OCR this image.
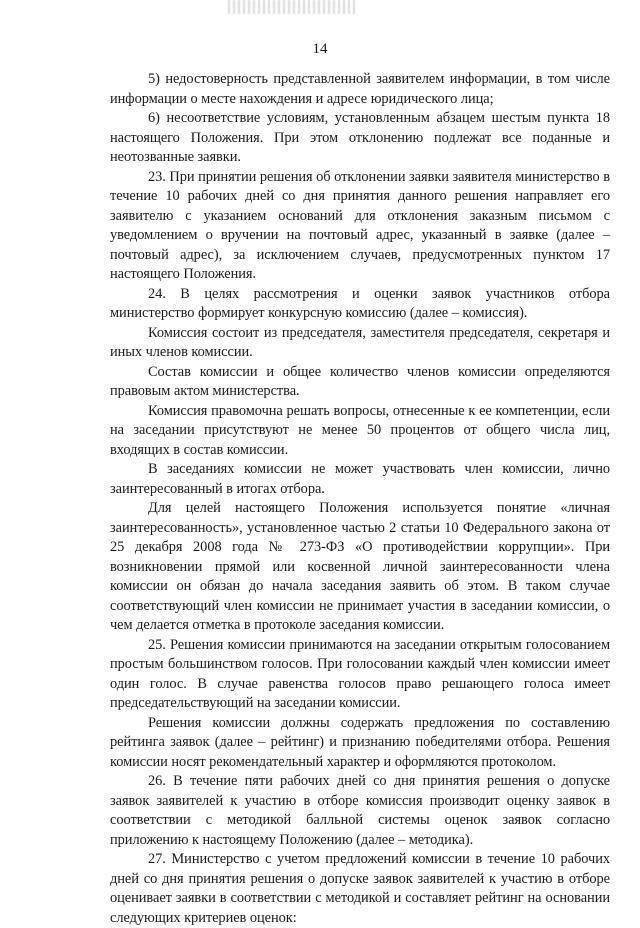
14

5) недостоверность представленной заявителем информации, в том числе информации о месте нахождения и адресе юридического лица;

6) несоответствие условиям, установленным абзацем шестым пункта 18 настоящего Положения. При этом отклонению подлежат все поданные и неотозванные заявки.

23. При принятии решения об отклонении заявки заявителя министерство в течение 10 рабочих дней со дня принятия данного решения направляет его заявителю с указанием оснований для отклонения заказным письмом с уведомлением о вручении на почтовый адрес, указанный в заявке (далее – почтовый адрес), за исключением случаев, предусмотренных пунктом 17 настоящего Положения.

24. В целях рассмотрения и оценки заявок участников отбора министерство формирует конкурсную комиссию (далее – комиссия).

Комиссия состоит из председателя, заместителя председателя, секретаря и иных членов комиссии.

Состав комиссии и общее количество членов комиссии определяются правовым актом министерства.

Комиссия правомочна решать вопросы, отнесенные к ее компетенции, если на заседании присутствуют не менее 50 процентов от общего числа лиц, входящих в состав комиссии.

В заседаниях комиссии не может участвовать член комиссии, лично заинтересованный в итогах отбора.

Для целей настоящего Положения используется понятие «личная заинтересованность», установленное частью 2 статьи 10 Федерального закона от 25 декабря 2008 года № 273-ФЗ «О противодействии коррупции». При возникновении прямой или косвенной личной заинтересованности члена комиссии он обязан до начала заседания заявить об этом. В таком случае соответствующий член комиссии не принимает участия в заседании комиссии, о чем делается отметка в протоколе заседания комиссии.

25. Решения комиссии принимаются на заседании открытым голосованием простым большинством голосов. При голосовании каждый член комиссии имеет один голос. В случае равенства голосов право решающего голоса имеет председательствующий на заседании комиссии.

Решения комиссии должны содержать предложения по составлению рейтинга заявок (далее – рейтинг) и признанию победителями отбора. Решения комиссии носят рекомендательный характер и оформляются протоколом.

26. В течение пяти рабочих дней со дня принятия решения о допуске заявок заявителей к участию в отборе комиссия производит оценку заявок в соответствии с методикой балльной системы оценок заявок согласно приложению к настоящему Положению (далее – методика).

27. Министерство с учетом предложений комиссии в течение 10 рабочих дней со дня принятия решения о допуске заявок заявителей к участию в отборе оценивает заявки в соответствии с методикой и составляет рейтинг на основании следующих критериев оценок:
